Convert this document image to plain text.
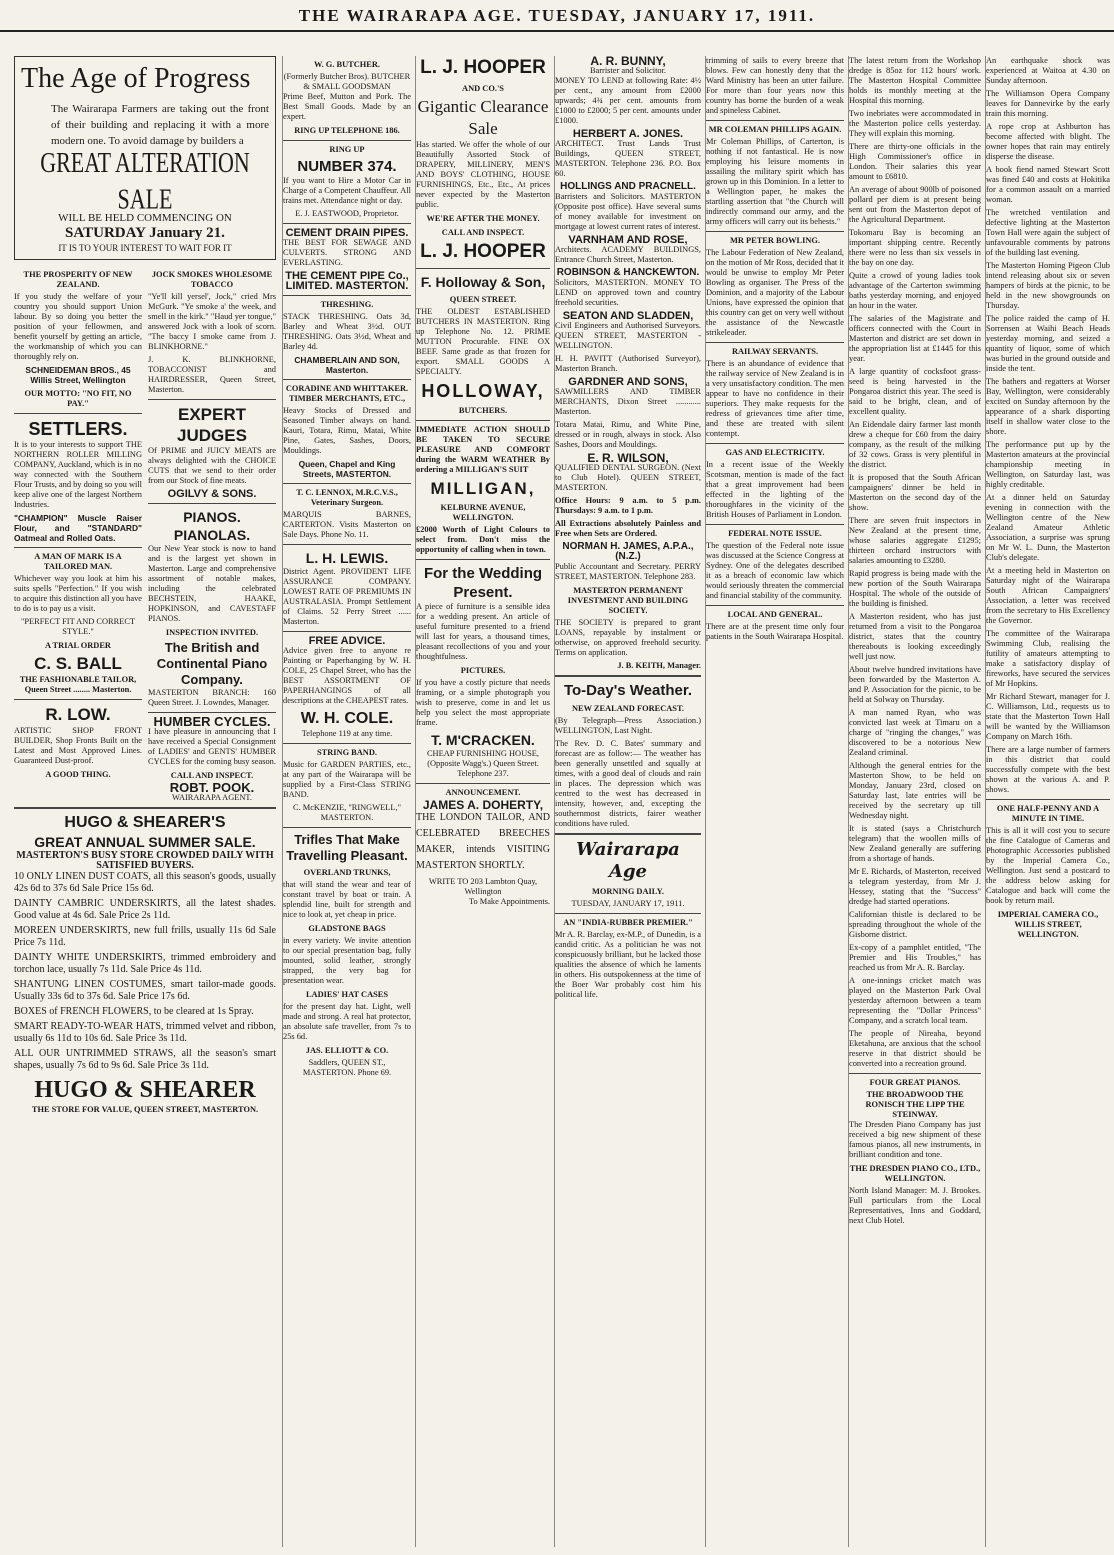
THE WAIRARAPA AGE. TUESDAY, JANUARY 17, 1911.
The Age of Progress

The Wairarapa Farmers are taking out the front of their building and replacing it with a more modern one. To avoid damage by builders a

GREAT ALTERATION SALE
WILL BE HELD COMMENCING ON
SATURDAY January 21.
IT IS TO YOUR INTEREST TO WAIT FOR IT
THE PROSPERITY OF NEW ZEALAND.

If you study the welfare of your country you should support Union labour. By so doing you better the position of your fellowmen, and benefit yourself by getting an article, the workmanship of which you can thoroughly rely on.

SCHNEIDEMAN BROS., 45 Willis Street, Wellington
OUR MOTTO: "NO FIT, NO PAY."
SETTLERS.

It is to your interests to support THE NORTHERN ROLLER MILLING COMPANY, Auckland, which is in no way connected with the Southern Flour Trusts, and by doing so you will keep alive one of the largest Northern Industries.

"CHAMPION" Muscle Raiser Flour, and "STANDARD" Oatmeal and Rolled Oats.

A MAN OF MARK IS A TAILORED MAN.

Whichever way you look at him his suits spells "Perfection." If you wish to acquire this distinction all you have to do is to pay us a visit.

"PERFECT FIT AND CORRECT STYLE."
A TRIAL ORDER
C. S. BALL
THE FASHIONABLE TAILOR, Queen Street ........ Masterton.
R. LOW.

ARTISTIC SHOP FRONT BUILDER, Shop Fronts Built on the Latest and Most Approved Lines. Guaranteed Dust-proof.

A GOOD THING.
JOCK SMOKES WHOLESOME TOBACCO

"Ye'll kill yersel', Jock," cried Mrs McGurk. "Ye smoke a' the week, and smell in the kirk." "Haud yer tongue," answered Jock with a look of scorn. "The baccy I smoke came from J. BLINKHORNE."

J. K. BLINKHORNE, TOBACCONIST and HAIRDRESSER, Queen Street, Masterton.

EXPERT JUDGES

Of PRIME and JUICY MEATS are always delighted with the CHOICE CUTS that we send to their order from our Stock of fine meats.

OGILVY & SONS.
PIANOS. PIANOLAS.

Our New Year stock is now to hand and is the largest yet shown in Masterton. Large and comprehensive assortment of notable makes, including the celebrated BECHSTEIN, HAAKE, HOPKINSON, and CAVESTAFF PIANOS.

INSPECTION INVITED.
The British and Continental Piano Company.

MASTERTON BRANCH: 160 Queen Street. J. Lowndes, Manager.

HUMBER CYCLES.

I have pleasure in announcing that I have received a Special Consignment of LADIES' and GENTS' HUMBER CYCLES for the coming busy season.

CALL AND INSPECT.
ROBT. POOK.
WAIRARAPA AGENT.
HUGO & SHEARER'S
GREAT ANNUAL SUMMER SALE.
MASTERTON'S BUSY STORE CROWDED DAILY WITH SATISFIED BUYERS.

10 ONLY LINEN DUST COATS, all this season's goods, usually 42s 6d to 37s 6d Sale Price 15s 6d.

DAINTY CAMBRIC UNDERSKIRTS, all the latest shades. Good value at 4s 6d. Sale Price 2s 11d.

MOREEN UNDERSKIRTS, new full frills, usually 11s 6d Sale Price 7s 11d.

DAINTY WHITE UNDERSKIRTS, trimmed embroidery and torchon lace, usually 7s 11d. Sale Price 4s 11d.

SHANTUNG LINEN COSTUMES, smart tailor-made goods. Usually 33s 6d to 37s 6d. Sale Price 17s 6d.

BOXES of FRENCH FLOWERS, to be cleared at 1s Spray.

SMART READY-TO-WEAR HATS, trimmed velvet and ribbon, usually 6s 11d to 10s 6d. Sale Price 3s 11d.

ALL OUR UNTRIMMED STRAWS, all the season's smart shapes, usually 7s 6d to 9s 6d. Sale Price 3s 11d.

HUGO & SHEARER
THE STORE FOR VALUE, QUEEN STREET, MASTERTON.
W. G. BUTCHER.
(Formerly Butcher Bros). BUTCHER & SMALL GOODSMAN

Prime Beef, Mutton and Pork. The Best Small Goods. Made by an expert.

RING UP TELEPHONE 186.
RING UP
NUMBER 374.

If you want to Hire a Motor Car in Charge of a Competent Chauffeur. All trains met. Attendance night or day.

E. J. EASTWOOD, Proprietor.
CEMENT DRAIN PIPES.

THE BEST FOR SEWAGE AND CULVERTS. STRONG AND EVERLASTING.

THE CEMENT PIPE Co., LIMITED. MASTERTON.
THRESHING.

STACK THRESHING. Oats 3d, Barley and Wheat 3½d. OUT THRESHING. Oats 3½d, Wheat and Barley 4d.

CHAMBERLAIN AND SON, Masterton.
CORADINE AND WHITTAKER. TIMBER MERCHANTS, ETC.,

Heavy Stocks of Dressed and Seasoned Timber always on hand. Kauri, Totara, Rimu, Matai, White Pine, Gates, Sashes, Doors, Mouldings.

Queen, Chapel and King Streets, MASTERTON.
T. C. LENNOX, M.R.C.V.S., Veterinary Surgeon.

MARQUIS BARNES, CARTERTON. Visits Masterton on Sale Days. Phone No. 11.

L. H. LEWIS.

District Agent. PROVIDENT LIFE ASSURANCE COMPANY. LOWEST RATE OF PREMIUMS IN AUSTRALASIA. Prompt Settlement of Claims. 52 Perry Street ...... Masterton.

FREE ADVICE.

Advice given free to anyone re Painting or Paperhanging by W. H. COLE, 25 Chapel Street, who has the BEST ASSORTMENT OF PAPERHANGINGS of all descriptions at the CHEAPEST rates.

W. H. COLE.
Telephone 119 at any time.
STRING BAND.

Music for GARDEN PARTIES, etc., at any part of the Wairarapa will be supplied by a First-Class STRING BAND.

C. McKENZIE, "RINGWELL," MASTERTON.
Trifles That Make Travelling Pleasant.
OVERLAND TRUNKS,

that will stand the wear and tear of constant travel by boat or train. A splendid line, built for strength and nice to look at, yet cheap in price.

GLADSTONE BAGS

in every variety. We invite attention to our special presentation bag, fully mounted, solid leather, strongly strapped, the very bag for presentation wear.

LADIES' HAT CASES

for the present day hat. Light, well made and strong. A real hat protector, an absolute safe traveller, from 7s to 25s 6d.

JAS. ELLIOTT & CO.
Saddlers, QUEEN ST., MASTERTON. Phone 69.
L. J. HOOPER
AND CO.'S
Gigantic Clearance Sale

Has started. We offer the whole of our Beautifully Assorted Stock of DRAPERY, MILLINERY, MEN'S AND BOYS' CLOTHING, HOUSE FURNISHINGS, Etc., Etc., At prices never expected by the Masterton public.

WE'RE AFTER THE MONEY.
CALL AND INSPECT.
L. J. HOOPER
F. Holloway & Son,
QUEEN STREET.

THE OLDEST ESTABLISHED BUTCHERS IN MASTERTON. Ring up Telephone No. 12. PRIME MUTTON Procurable. FINE OX BEEF. Same grade as that frozen for export. SMALL GOODS A SPECIALTY.

HOLLOWAY,
BUTCHERS.

IMMEDIATE ACTION SHOULD BE TAKEN TO SECURE PLEASURE AND COMFORT during the WARM WEATHER By ordering a MILLIGAN'S SUIT

MILLIGAN,
KELBURNE AVENUE, WELLINGTON.

£2000 Worth of Light Colours to select from. Don't miss the opportunity of calling when in town.

For the Wedding Present.

A piece of furniture is a sensible idea for a wedding present. An article of useful furniture presented to a friend will last for years, a thousand times, pleasant recollections of you and your thoughtfulness.

PICTURES.

If you have a costly picture that needs framing, or a simple photograph you wish to preserve, come in and let us help you select the most appropriate frame.

T. M'CRACKEN.
CHEAP FURNISHING HOUSE, (Opposite Wagg's.) Queen Street. Telephone 237.
ANNOUNCEMENT.
JAMES A. DOHERTY,

THE LONDON TAILOR, AND CELEBRATED BREECHES MAKER, intends VISITING MASTERTON SHORTLY.

WRITE TO 203 Lambton Quay, Wellington
To Make Appointments.
A. R. BUNNY,
Barrister and Solicitor.

MONEY TO LEND at following Rate: 4½ per cent., any amount from £2000 upwards; 4¾ per cent. amounts from £1000 to £2000; 5 per cent. amounts under £1000.

HERBERT A. JONES.

ARCHITECT. Trust Lands Trust Buildings, QUEEN STREET, MASTERTON. Telephone 236. P.O. Box 60.

HOLLINGS AND PRACNELL.

Barristers and Solicitors. MASTERTON (Opposite post office). Have several sums of money available for investment on mortgage at lowest current rates of interest.

VARNHAM AND ROSE,

Architects. ACADEMY BUILDINGS, Entrance Church Street, Masterton.

ROBINSON & HANCKEWTON.

Solicitors, MASTERTON. MONEY TO LEND on approved town and country freehold securities.

SEATON AND SLADDEN,

Civil Engineers and Authorised Surveyors. QUEEN STREET, MASTERTON - WELLINGTON.

H. H. PAVITT (Authorised Surveyor), Masterton Branch.

GARDNER AND SONS,

SAWMILLERS AND TIMBER MERCHANTS, Dixon Street ............ Masterton.

Totara Matai, Rimu, and White Pine, dressed or in rough, always in stock. Also Sashes, Doors and Mouldings.

E. R. WILSON,

QUALIFIED DENTAL SURGEON. (Next to Club Hotel). QUEEN STREET, MASTERTON.

Office Hours: 9 a.m. to 5 p.m. Thursdays: 9 a.m. to 1 p.m.

All Extractions absolutely Painless and Free when Sets are Ordered.

NORMAN H. JAMES, A.P.A., (N.Z.)

Public Accountant and Secretary. PERRY STREET, MASTERTON. Telephone 283.

MASTERTON PERMANENT INVESTMENT AND BUILDING SOCIETY.

THE SOCIETY is prepared to grant LOANS, repayable by instalment or otherwise, on approved freehold security. Terms on application.

J. B. KEITH, Manager.
To-Day's Weather.
NEW ZEALAND FORECAST.

(By Telegraph—Press Association.) WELLINGTON, Last Night.

The Rev. D. C. Bates' summary and forecast are as follow:— The weather has been generally unsettled and squally at times, with a good deal of clouds and rain in places. The depression which was centred to the west has decreased in intensity, however, and, excepting the southernmost districts, fairer weather conditions have ruled.

Wairarapa Age
MORNING DAILY.
TUESDAY, JANUARY 17, 1911.
AN "INDIA-RUBBER PREMIER."

Mr A. R. Barclay, ex-M.P., of Dunedin, is a candid critic. As a politician he was not conspicuously brilliant, but he lacked those qualities the absence of which he laments in others. His outspokenness at the time of the Boer War probably cost him his political life.

trimming of sails to every breeze that blows. Few can honestly deny that the Ward Ministry has been an utter failure. For more than four years now this country has borne the burden of a weak and spineless Cabinet.

MR COLEMAN PHILLIPS AGAIN.

Mr Coleman Phillips, of Carterton, is nothing if not fantastical. He is now employing his leisure moments in assailing the military spirit which has grown up in this Dominion. In a letter to a Wellington paper, he makes the startling assertion that "the Church will indirectly command our army, and the army officers will carry out its behests."

MR PETER BOWLING.

The Labour Federation of New Zealand, on the motion of Mr Ross, decided that it would be unwise to employ Mr Peter Bowling as organiser. The Press of the Dominion, and a majority of the Labour Unions, have expressed the opinion that this country can get on very well without the assistance of the Newcastle strikeleader.

RAILWAY SERVANTS.

There is an abundance of evidence that the railway service of New Zealand is in a very unsatisfactory condition. The men appear to have no confidence in their superiors. They make requests for the redress of grievances time after time, and these are treated with silent contempt.

GAS AND ELECTRICITY.

In a recent issue of the Weekly Scotsman, mention is made of the fact that a great improvement had been effected in the lighting of the thoroughfares in the vicinity of the British Houses of Parliament in London.

FEDERAL NOTE ISSUE.

The question of the Federal note issue was discussed at the Science Congress at Sydney. One of the delegates described it as a breach of economic law which would seriously threaten the commercial and financial stability of the community.

LOCAL AND GENERAL.

There are at the present time only four patients in the South Wairarapa Hospital.

The latest return from the Workshop dredge is 85oz for 112 hours' work. The Masterton Hospital Committee holds its monthly meeting at the Hospital this morning.

Two inebriates were accommodated in the Masterton police cells yesterday. They will explain this morning.

There are thirty-one officials in the High Commissioner's office in London. Their salaries this year amount to £6810.

An average of about 900lb of poisoned pollard per diem is at present being sent out from the Masterton depot of the Agricultural Department.

Tokomaru Bay is becoming an important shipping centre. Recently there were no less than six vessels in the bay on one day.

Quite a crowd of young ladies took advantage of the Carterton swimming baths yesterday morning, and enjoyed an hour in the water.

The salaries of the Magistrate and officers connected with the Court in Masterton and district are set down in the appropriation list at £1445 for this year.

A large quantity of cocksfoot grass-seed is being harvested in the Pongaroa district this year. The seed is said to be bright, clean, and of excellent quality.

An Eidendale dairy farmer last month drew a cheque for £60 from the dairy company, as the result of the milking of 32 cows. Grass is very plentiful in the district.

It is proposed that the South African campaigners' dinner be held in Masterton on the second day of the show.

There are seven fruit inspectors in New Zealand at the present time, whose salaries aggregate £1295; thirteen orchard instructors with salaries amounting to £3280.

Rapid progress is being made with the new portion of the South Wairarapa Hospital. The whole of the outside of the building is finished.

A Masterton resident, who has just returned from a visit to the Pongaroa district, states that the country thereabouts is looking exceedingly well just now.

About twelve hundred invitations have been forwarded by the Masterton A. and P. Association for the picnic, to be held at Solway on Thursday.

A man named Ryan, who was convicted last week at Timaru on a charge of "ringing the changes," was discovered to be a notorious New Zealand criminal.

Although the general entries for the Masterton Show, to be held on Monday, January 23rd, closed on Saturday last, late entries will be received by the secretary up till Wednesday night.

It is stated (says a Christchurch telegram) that the woollen mills of New Zealand generally are suffering from a shortage of hands.

Mr E. Richards, of Masterton, received a telegram yesterday, from Mr J. Hessey, stating that the "Success" dredge had started operations.

Californian thistle is declared to be spreading throughout the whole of the Gisborne district.

Ex-copy of a pamphlet entitled, "The Premier and His Troubles," has reached us from Mr A. R. Barclay.

A one-innings cricket match was played on the Masterton Park Oval yesterday afternoon between a team representing the "Dollar Princess" Company, and a scratch local team.

The people of Nireaha, beyond Eketahuna, are anxious that the school reserve in that district should be converted into a recreation ground.

FOUR GREAT PIANOS.
THE BROADWOOD THE RONISCH THE LIPP THE STEINWAY.

The Dresden Piano Company has just received a big new shipment of these famous pianos, all new instruments, in brilliant condition and tone.

THE DRESDEN PIANO CO., LTD., WELLINGTON.

North Island Manager: M. J. Brookes. Full particulars from the Local Representatives, Inns and Goddard, next Club Hotel.

An earthquake shock was experienced at Waitoa at 4.30 on Sunday afternoon.

The Williamson Opera Company leaves for Dannevirke by the early train this morning.

A rope crop at Ashburton has become affected with blight. The owner hopes that rain may entirely disperse the disease.

A book fiend named Stewart Scott was fined £40 and costs at Hokitika for a common assault on a married woman.

The wretched ventilation and defective lighting at the Masterton Town Hall were again the subject of unfavourable comments by patrons of the building last evening.

The Masterton Homing Pigeon Club intend releasing about six or seven hampers of birds at the picnic, to be held in the new showgrounds on Thursday.

The police raided the camp of H. Sorrensen at Waihi Beach Heads yesterday morning, and seized a quantity of liquor, some of which was buried in the ground outside and inside the tent.

The bathers and regatters at Worser Bay, Wellington, were considerably excited on Sunday afternoon by the appearance of a shark disporting itself in shallow water close to the shore.

The performance put up by the Masterton amateurs at the provincial championship meeting in Wellington, on Saturday last, was highly creditable.

At a dinner held on Saturday evening in connection with the Wellington centre of the New Zealand Amateur Athletic Association, a surprise was sprung on Mr W. L. Dunn, the Masterton Club's delegate.

At a meeting held in Masterton on Saturday night of the Wairarapa South African Campaigners' Association, a letter was received from the secretary to His Excellency the Governor.

The committee of the Wairarapa Swimming Club, realising the futility of amateurs attempting to make a satisfactory display of fireworks, have secured the services of Mr Hopkins.

Mr Richard Stewart, manager for J. C. Williamson, Ltd., requests us to state that the Masterton Town Hall will be wanted by the Williamson Company on March 16th.

There are a large number of farmers in this district that could successfully compete with the best shown at the various A. and P. shows.

ONE HALF-PENNY AND A MINUTE IN TIME.

This is all it will cost you to secure the fine Catalogue of Cameras and Photographic Accessories published by the Imperial Camera Co., Wellington. Just send a postcard to the address below asking for Catalogue and back will come the book by return mail.

IMPERIAL CAMERA CO., WILLIS STREET, WELLINGTON.
